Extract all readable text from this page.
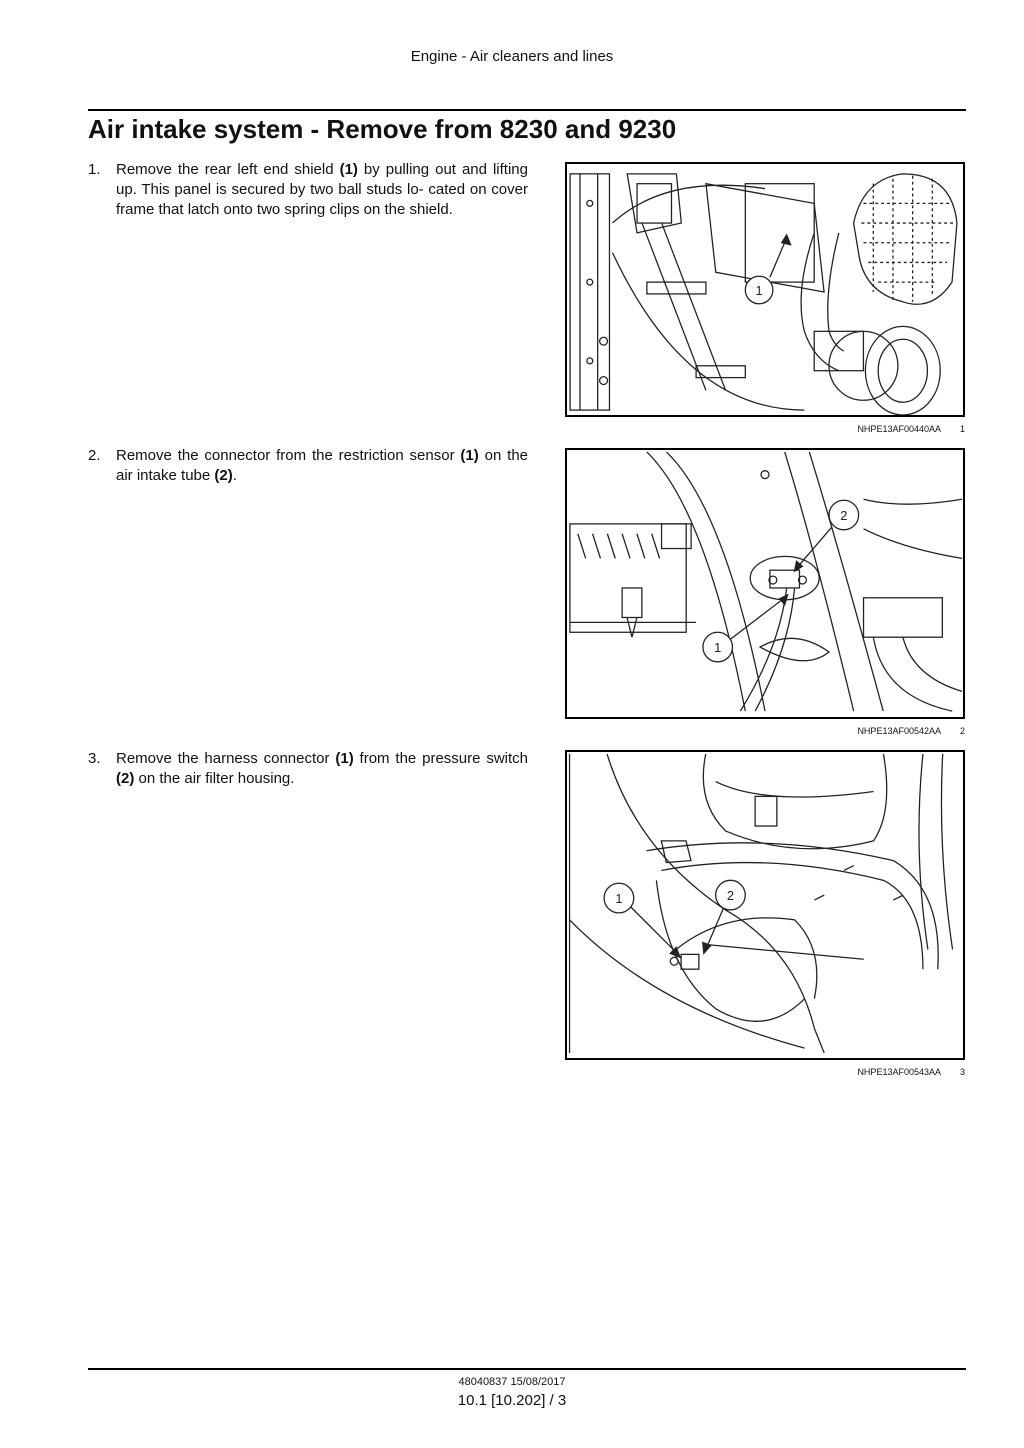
Engine - Air cleaners and lines
Air intake system - Remove from 8230 and 9230
1. Remove the rear left end shield (1) by pulling out and lifting up. This panel is secured by two ball studs lo- cated on cover frame that latch onto two spring clips on the shield.
1
NHPE13AF00440AA 1
2. Remove the connector from the restriction sensor (1) on the air intake tube (2).
2
1
NHPE13AF00542AA 2
3. Remove the harness connector (1) from the pressure switch (2) on the air filter housing.
1	2
NHPE13AF00543AA 3
48040837 15/08/2017
10.1 [10.202] / 3
